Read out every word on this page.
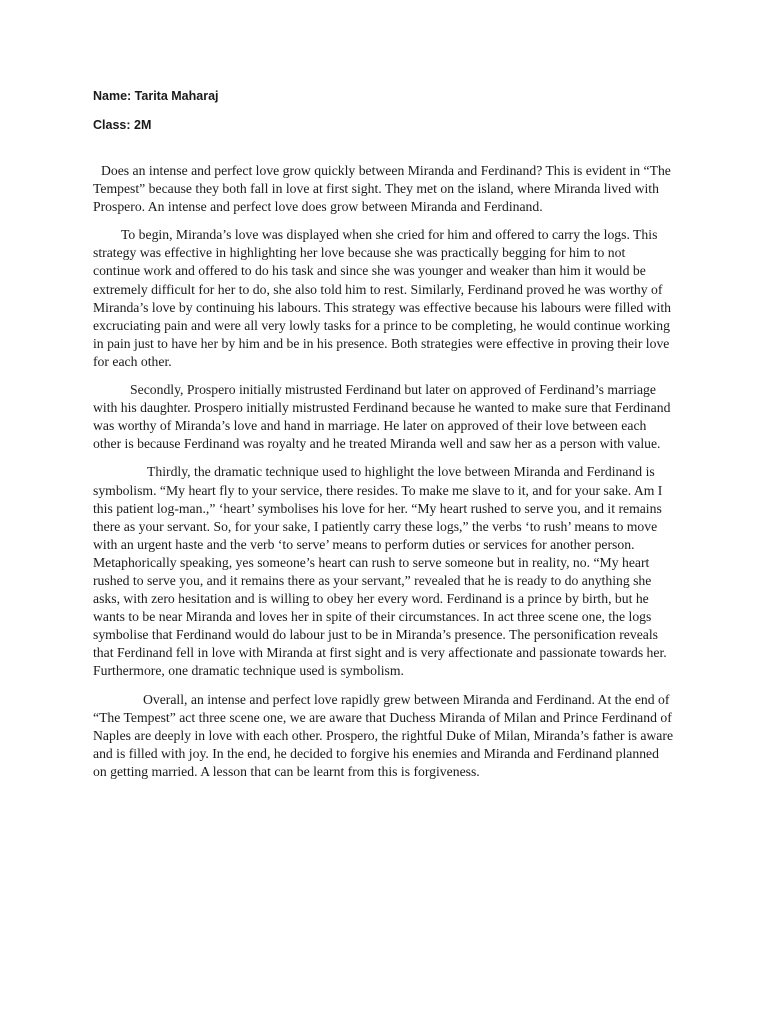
Name: Tarita Maharaj
Class: 2M

Does an intense and perfect love grow quickly between Miranda and Ferdinand? This is evident in “The Tempest” because they both fall in love at first sight. They met on the island, where Miranda lived with Prospero. An intense and perfect love does grow between Miranda and Ferdinand.

To begin, Miranda’s love was displayed when she cried for him and offered to carry the logs. This strategy was effective in highlighting her love because she was practically begging for him to not continue work and offered to do his task and since she was younger and weaker than him it would be extremely difficult for her to do, she also told him to rest. Similarly, Ferdinand proved he was worthy of Miranda’s love by continuing his labours. This strategy was effective because his labours were filled with excruciating pain and were all very lowly tasks for a prince to be completing, he would continue working in pain just to have her by him and be in his presence. Both strategies were effective in proving their love for each other.

Secondly, Prospero initially mistrusted Ferdinand but later on approved of Ferdinand’s marriage with his daughter. Prospero initially mistrusted Ferdinand because he wanted to make sure that Ferdinand was worthy of Miranda’s love and hand in marriage. He later on approved of their love between each other is because Ferdinand was royalty and he treated Miranda well and saw her as a person with value.

Thirdly, the dramatic technique used to highlight the love between Miranda and Ferdinand is symbolism. “My heart fly to your service, there resides. To make me slave to it, and for your sake. Am I this patient log-man.,” ‘heart’ symbolises his love for her. “My heart rushed to serve you, and it remains there as your servant. So, for your sake, I patiently carry these logs,” the verbs ‘to rush’ means to move with an urgent haste and the verb ‘to serve’ means to perform duties or services for another person. Metaphorically speaking, yes someone’s heart can rush to serve someone but in reality, no. “My heart rushed to serve you, and it remains there as your servant,” revealed that he is ready to do anything she asks, with zero hesitation and is willing to obey her every word. Ferdinand is a prince by birth, but he wants to be near Miranda and loves her in spite of their circumstances. In act three scene one, the logs symbolise that Ferdinand would do labour just to be in Miranda’s presence. The personification reveals that Ferdinand fell in love with Miranda at first sight and is very affectionate and passionate towards her. Furthermore, one dramatic technique used is symbolism.

Overall, an intense and perfect love rapidly grew between Miranda and Ferdinand. At the end of “The Tempest” act three scene one, we are aware that Duchess Miranda of Milan and Prince Ferdinand of Naples are deeply in love with each other. Prospero, the rightful Duke of Milan, Miranda’s father is aware and is filled with joy. In the end, he decided to forgive his enemies and Miranda and Ferdinand planned on getting married. A lesson that can be learnt from this is forgiveness.
